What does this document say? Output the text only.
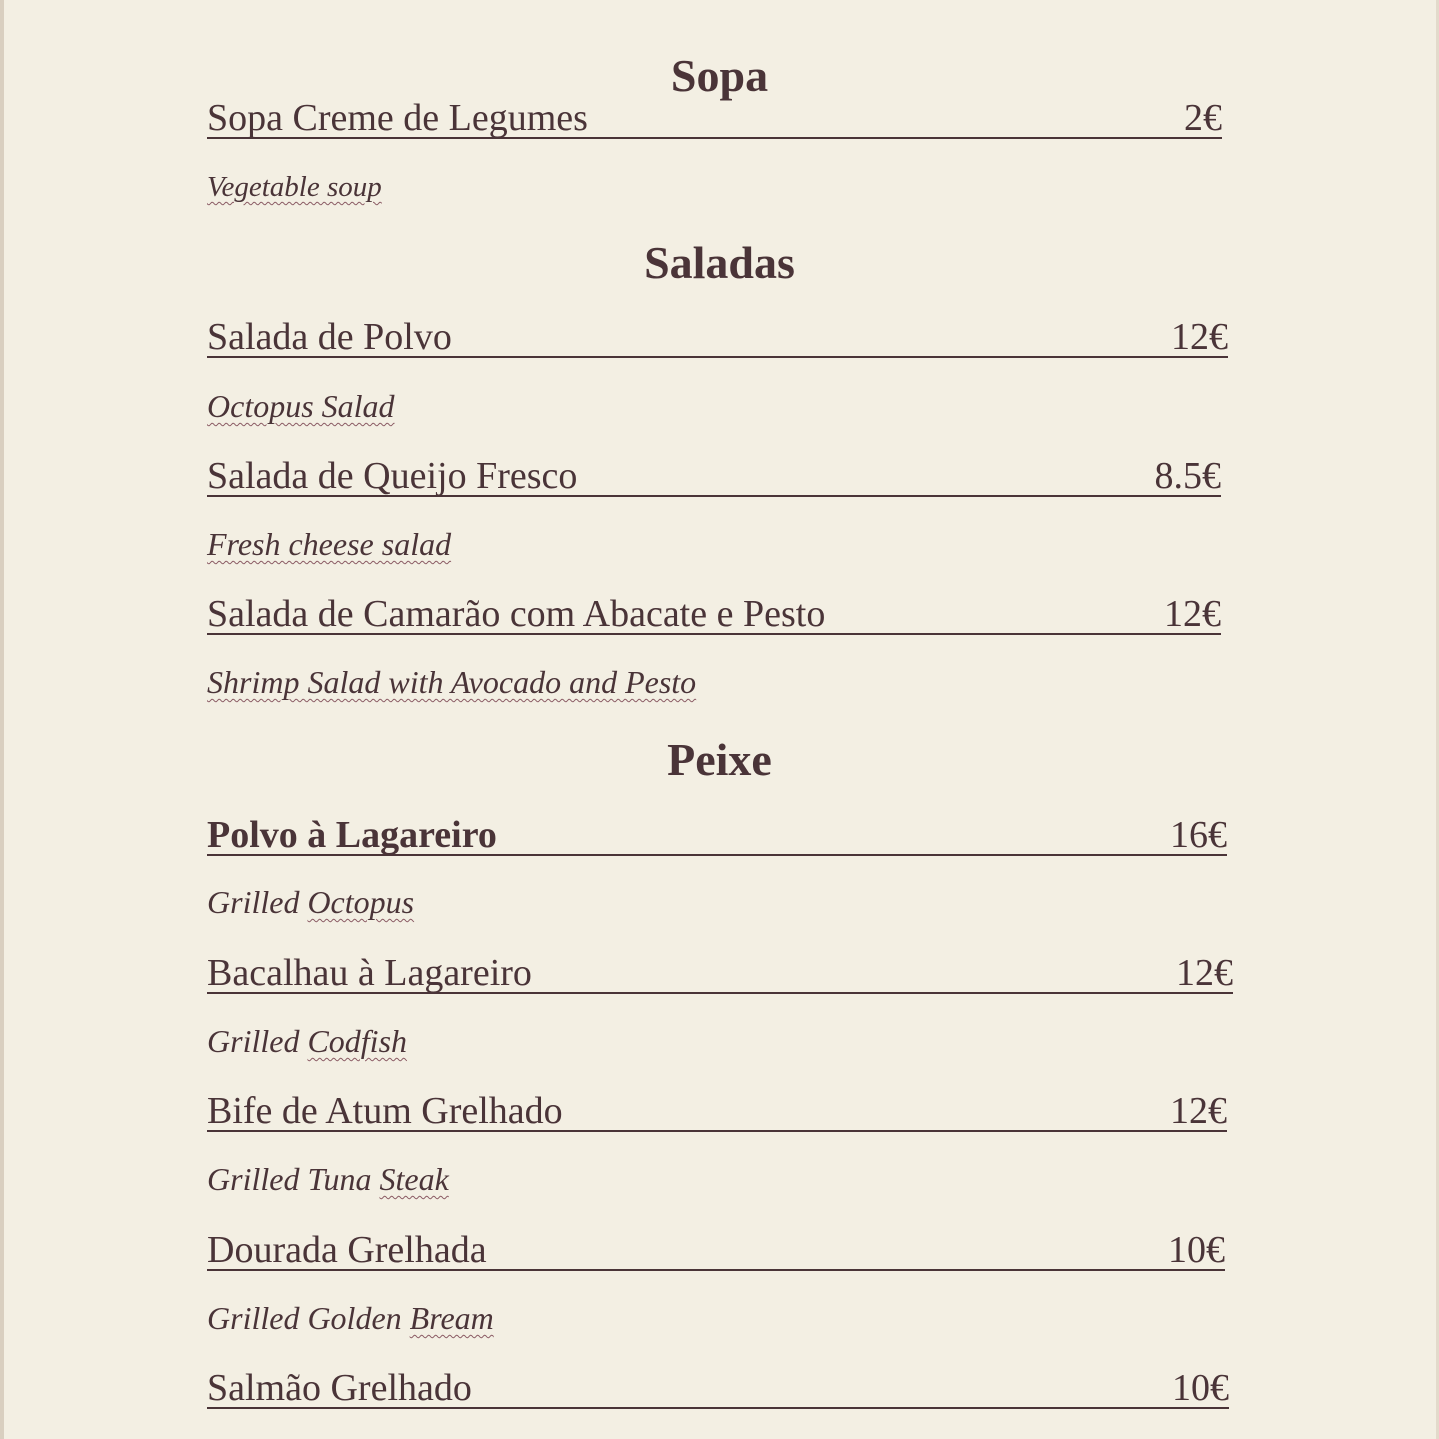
Sopa
Sopa Creme de Legumes	2€
Vegetable soup
Saladas
Salada de Polvo	12€
Octopus Salad
Salada de Queijo Fresco	8.5€
Fresh cheese salad
Salada de Camarão com Abacate e Pesto	12€
Shrimp Salad with Avocado and Pesto
Peixe
Polvo à Lagareiro	16€
Grilled Octopus
Bacalhau à Lagareiro	12€
Grilled Codfish
Bife de Atum Grelhado	12€
Grilled Tuna Steak
Dourada Grelhada	10€
Grilled Golden Bream
Salmão Grelhado	10€
